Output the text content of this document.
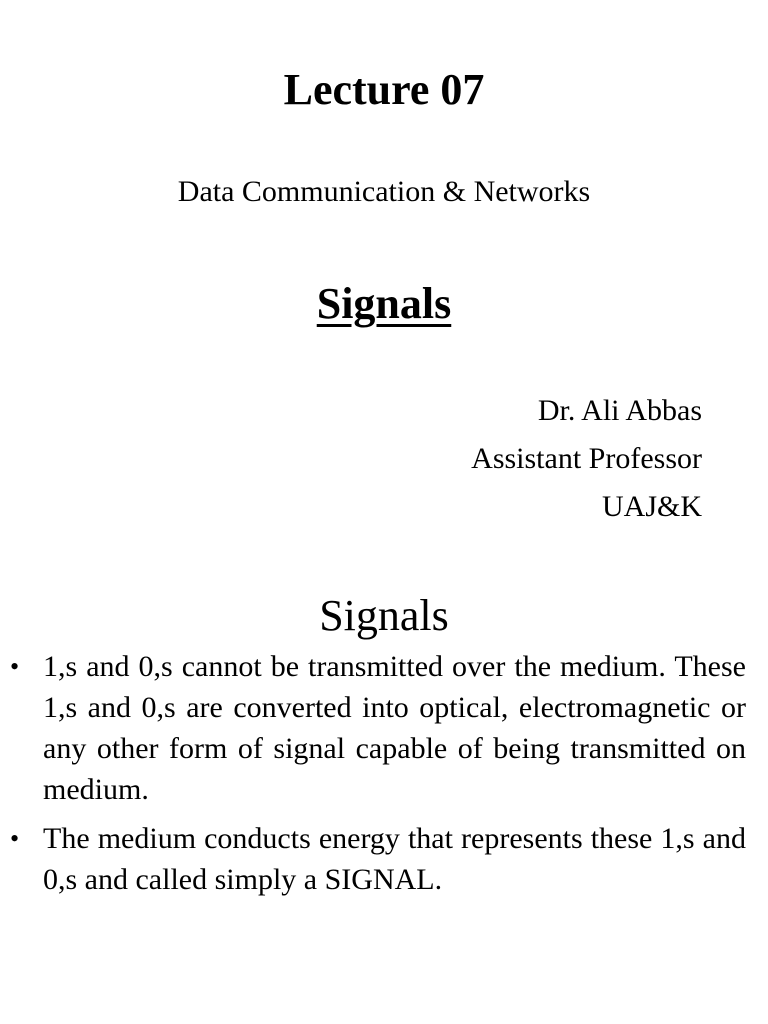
Lecture 07
Data Communication & Networks
Signals
Dr. Ali Abbas
Assistant Professor
UAJ&K
Signals
• 1,s and 0,s cannot be transmitted over the medium. These 1,s and 0,s are converted into optical, electromagnetic or any other form of signal capable of being transmitted on medium.
• The medium conducts energy that represents these 1,s and 0,s and called simply a SIGNAL.
